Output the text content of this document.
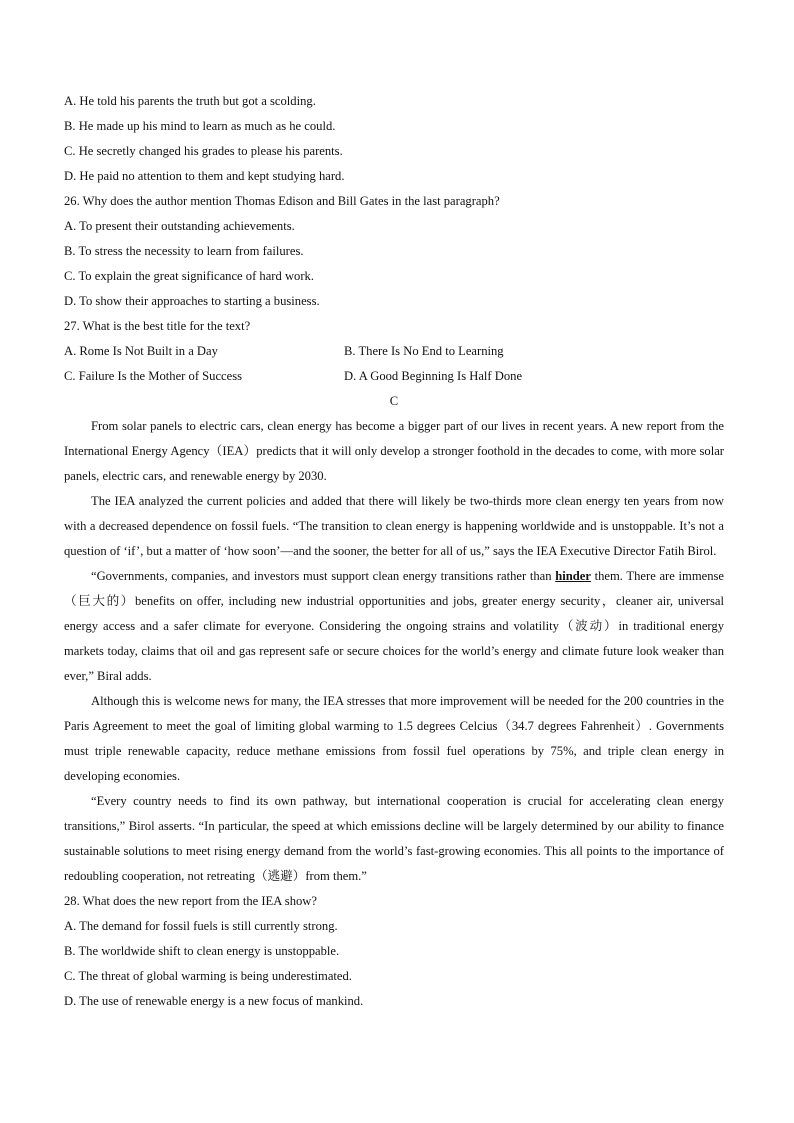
A. He told his parents the truth but got a scolding.
B. He made up his mind to learn as much as he could.
C. He secretly changed his grades to please his parents.
D. He paid no attention to them and kept studying hard.
26. Why does the author mention Thomas Edison and Bill Gates in the last paragraph?
A. To present their outstanding achievements.
B. To stress the necessity to learn from failures.
C. To explain the great significance of hard work.
D. To show their approaches to starting a business.
27. What is the best title for the text?
A. Rome Is Not Built in a Day	B. There Is No End to Learning
C. Failure Is the Mother of Success	D. A Good Beginning Is Half Done
C

From solar panels to electric cars, clean energy has become a bigger part of our lives in recent years. A new report from the International Energy Agency（IEA）predicts that it will only develop a stronger foothold in the decades to come, with more solar panels, electric cars, and renewable energy by 2030.

The IEA analyzed the current policies and added that there will likely be two-thirds more clean energy ten years from now with a decreased dependence on fossil fuels. “The transition to clean energy is happening worldwide and is unstoppable. It’s not a question of ‘if’, but a matter of ‘how soon’—and the sooner, the better for all of us,” says the IEA Executive Director Fatih Birol.

“Governments, companies, and investors must support clean energy transitions rather than hinder them. There are immense（巨大的）benefits on offer, including new industrial opportunities and jobs, greater energy security，cleaner air, universal energy access and a safer climate for everyone. Considering the ongoing strains and volatility（波动）in traditional energy markets today, claims that oil and gas represent safe or secure choices for the world’s energy and climate future look weaker than ever,” Biral adds.

Although this is welcome news for many, the IEA stresses that more improvement will be needed for the 200 countries in the Paris Agreement to meet the goal of limiting global warming to 1.5 degrees Celcius（34.7 degrees Fahrenheit）. Governments must triple renewable capacity, reduce methane emissions from fossil fuel operations by 75%, and triple clean energy in developing economies.

“Every country needs to find its own pathway, but international cooperation is crucial for accelerating clean energy transitions,” Birol asserts. “In particular, the speed at which emissions decline will be largely determined by our ability to finance sustainable solutions to meet rising energy demand from the world’s fast-growing economies. This all points to the importance of redoubling cooperation, not retreating（逃避）from them.”

28. What does the new report from the IEA show?
A. The demand for fossil fuels is still currently strong.
B. The worldwide shift to clean energy is unstoppable.
C. The threat of global warming is being underestimated.
D. The use of renewable energy is a new focus of mankind.
